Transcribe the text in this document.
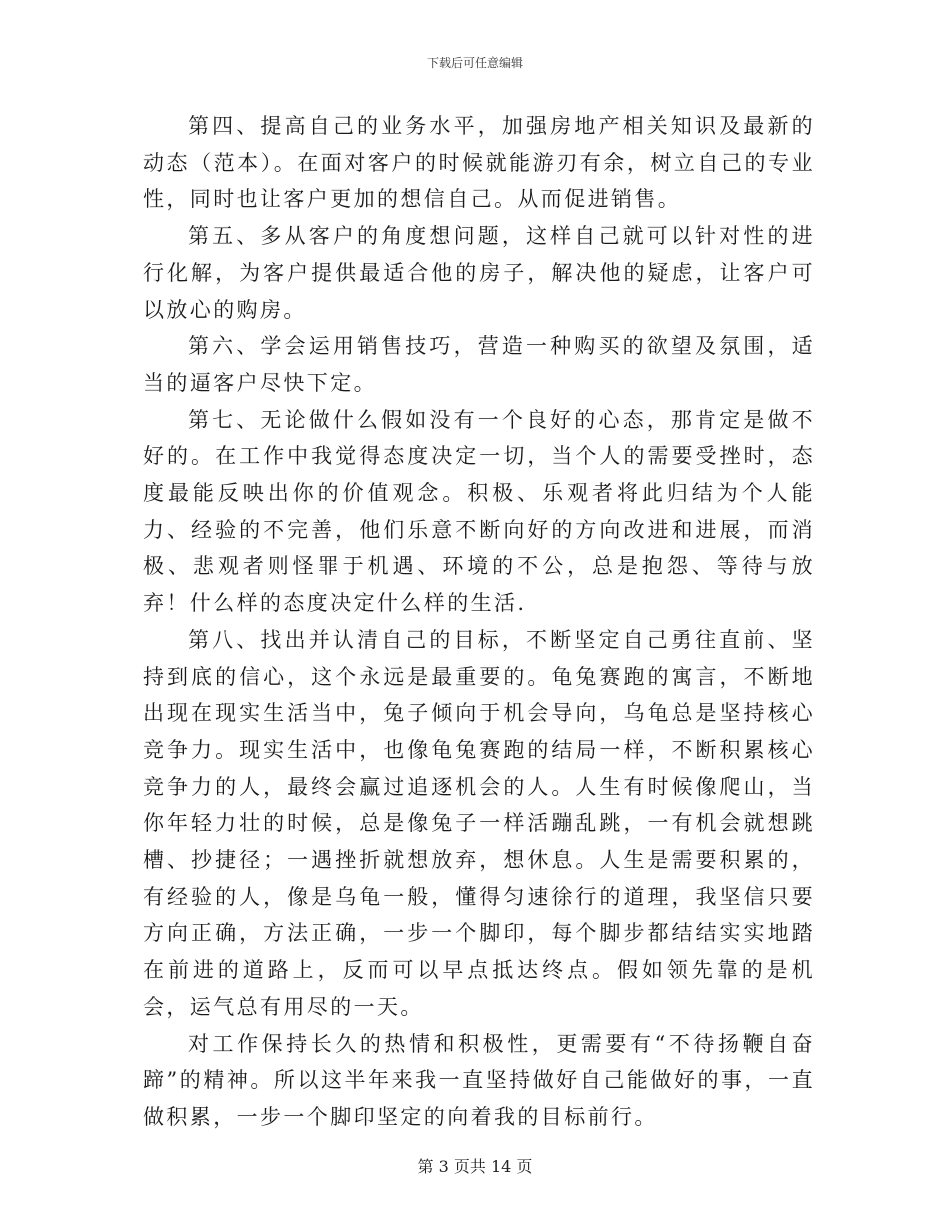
下载后可任意编辑

第四、提高自己的业务水平，加强房地产相关知识及最新的动态（范本）。在面对客户的时候就能游刃有余，树立自己的专业性，同时也让客户更加的想信自己。从而促进销售。

第五、多从客户的角度想问题，这样自己就可以针对性的进行化解，为客户提供最适合他的房子，解决他的疑虑，让客户可以放心的购房。

第六、学会运用销售技巧，营造一种购买的欲望及氛围，适当的逼客户尽快下定。

第七、无论做什么假如没有一个良好的心态，那肯定是做不好的。在工作中我觉得态度决定一切，当个人的需要受挫时，态度最能反映出你的价值观念。积极、乐观者将此归结为个人能力、经验的不完善，他们乐意不断向好的方向改进和进展，而消极、悲观者则怪罪于机遇、环境的不公，总是抱怨、等待与放弃！什么样的态度决定什么样的生活.

第八、找出并认清自己的目标，不断坚定自己勇往直前、坚持到底的信心，这个永远是最重要的。龟兔赛跑的寓言，不断地出现在现实生活当中，兔子倾向于机会导向，乌龟总是坚持核心竞争力。现实生活中，也像龟兔赛跑的结局一样，不断积累核心竞争力的人，最终会赢过追逐机会的人。人生有时候像爬山，当你年轻力壮的时候，总是像兔子一样活蹦乱跳，一有机会就想跳槽、抄捷径；一遇挫折就想放弃，想休息。人生是需要积累的，有经验的人，像是乌龟一般，懂得匀速徐行的道理，我坚信只要方向正确，方法正确，一步一个脚印，每个脚步都结结实实地踏在前进的道路上，反而可以早点抵达终点。假如领先靠的是机会，运气总有用尽的一天。

对工作保持长久的热情和积极性，更需要有“不待扬鞭自奋蹄”的精神。所以这半年来我一直坚持做好自己能做好的事，一直做积累，一步一个脚印坚定的向着我的目标前行。

第 3 页共 14 页
